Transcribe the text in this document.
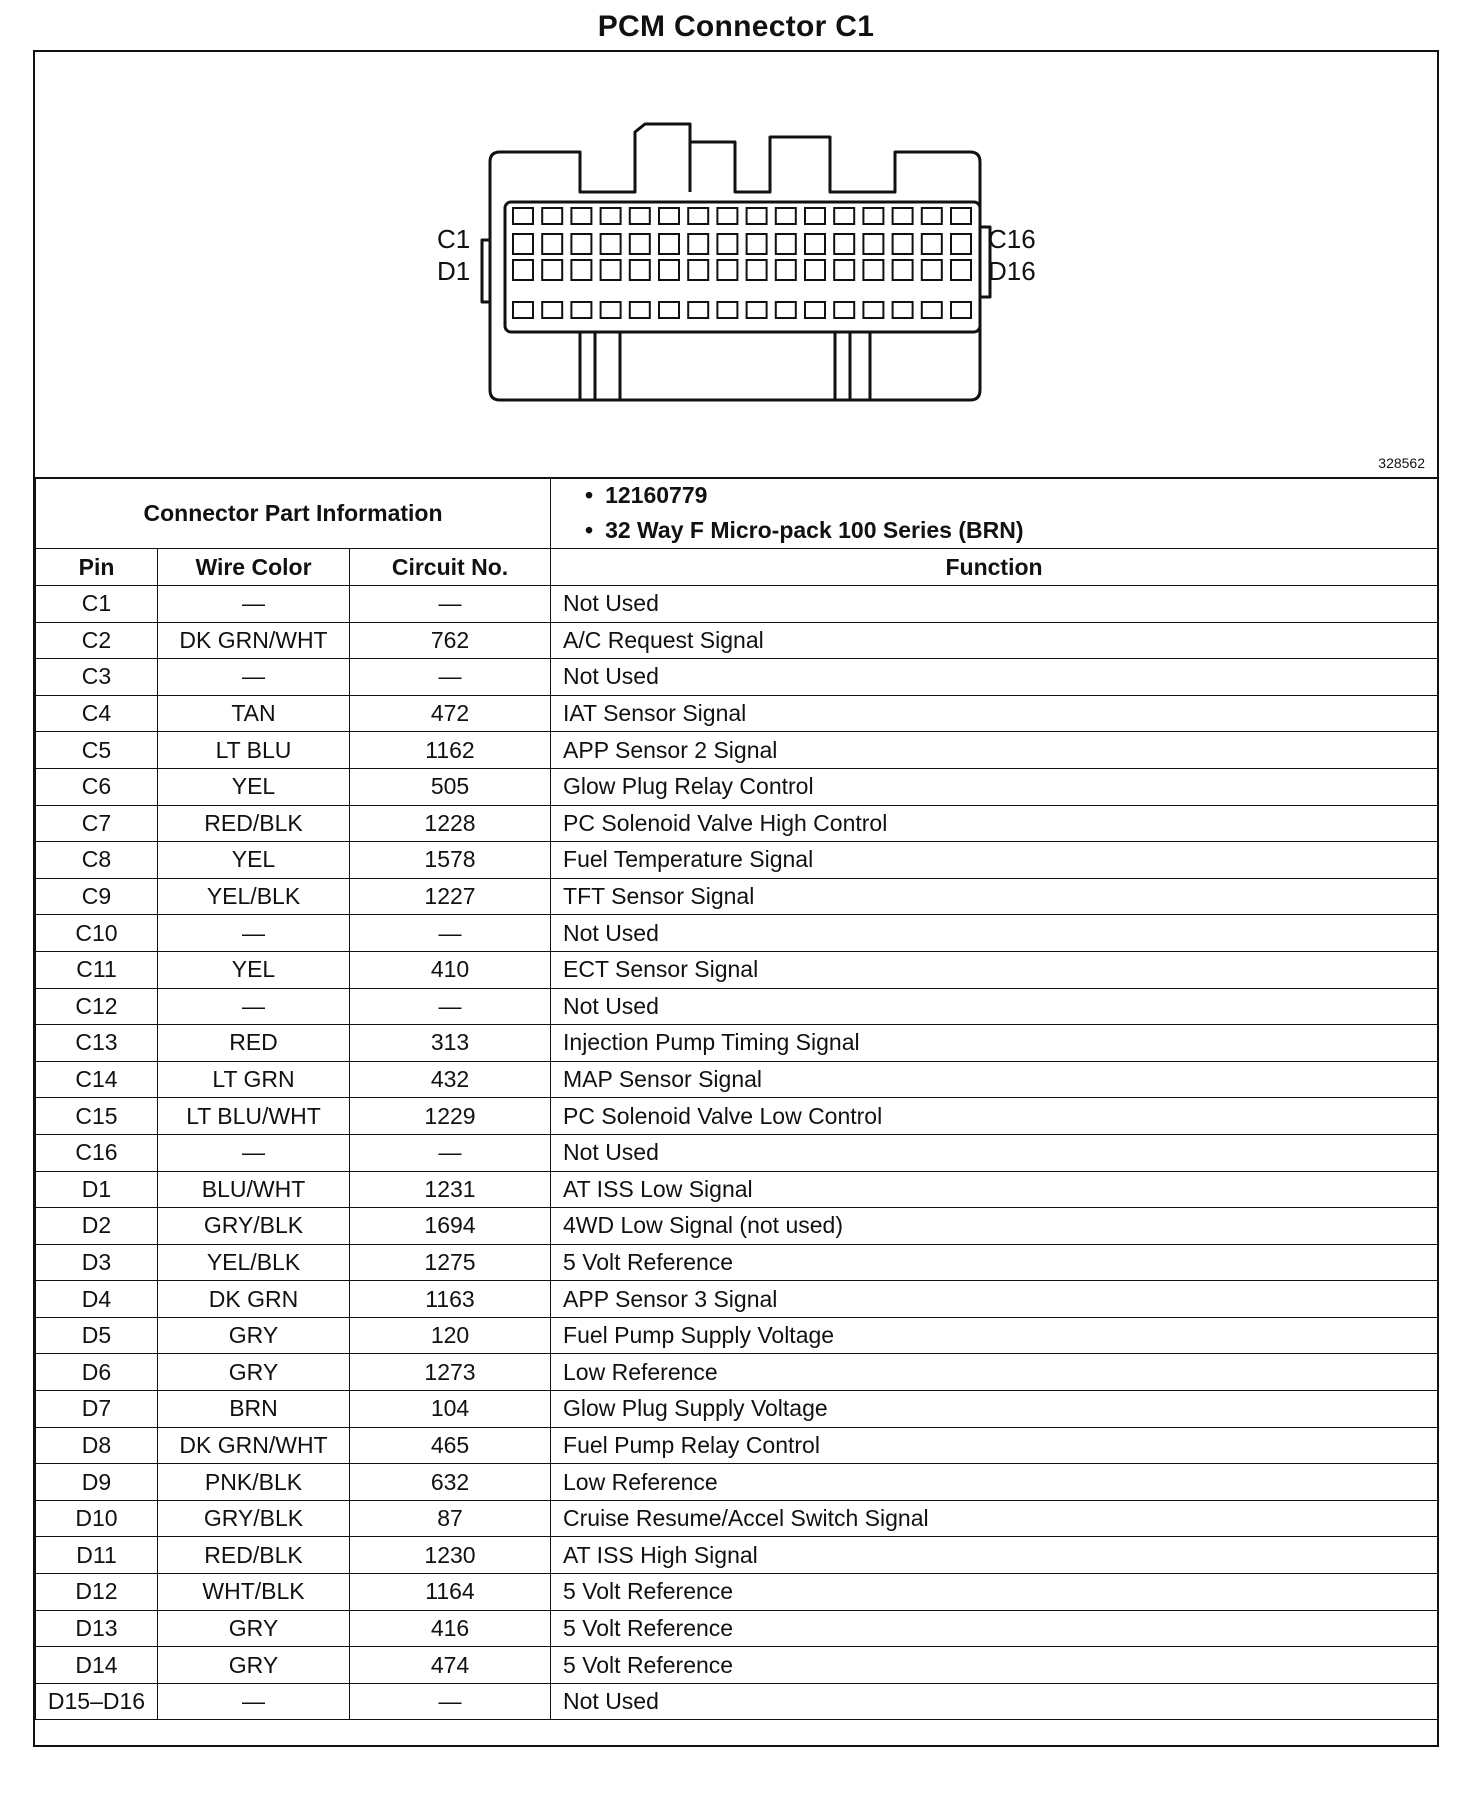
PCM Connector C1
C1
D1
C16
D16
328562
Connector Part Information			• 12160779
• 32 Way F Micro-pack 100 Series (BRN)

Pin	Wire Color	Circuit No.	Function
C1	—	—	Not Used
C2	DK GRN/WHT	762	A/C Request Signal
C3	—	—	Not Used
C4	TAN	472	IAT Sensor Signal
C5	LT BLU	1162	APP Sensor 2 Signal
C6	YEL	505	Glow Plug Relay Control
C7	RED/BLK	1228	PC Solenoid Valve High Control
C8	YEL	1578	Fuel Temperature Signal
C9	YEL/BLK	1227	TFT Sensor Signal
C10	—	—	Not Used
C11	YEL	410	ECT Sensor Signal
C12	—	—	Not Used
C13	RED	313	Injection Pump Timing Signal
C14	LT GRN	432	MAP Sensor Signal
C15	LT BLU/WHT	1229	PC Solenoid Valve Low Control
C16	—	—	Not Used
D1	BLU/WHT	1231	AT ISS Low Signal
D2	GRY/BLK	1694	4WD Low Signal (not used)
D3	YEL/BLK	1275	5 Volt Reference
D4	DK GRN	1163	APP Sensor 3 Signal
D5	GRY	120	Fuel Pump Supply Voltage
D6	GRY	1273	Low Reference
D7	BRN	104	Glow Plug Supply Voltage
D8	DK GRN/WHT	465	Fuel Pump Relay Control
D9	PNK/BLK	632	Low Reference
D10	GRY/BLK	87	Cruise Resume/Accel Switch Signal
D11	RED/BLK	1230	AT ISS High Signal
D12	WHT/BLK	1164	5 Volt Reference
D13	GRY	416	5 Volt Reference
D14	GRY	474	5 Volt Reference
D15–D16	—	—	Not Used
